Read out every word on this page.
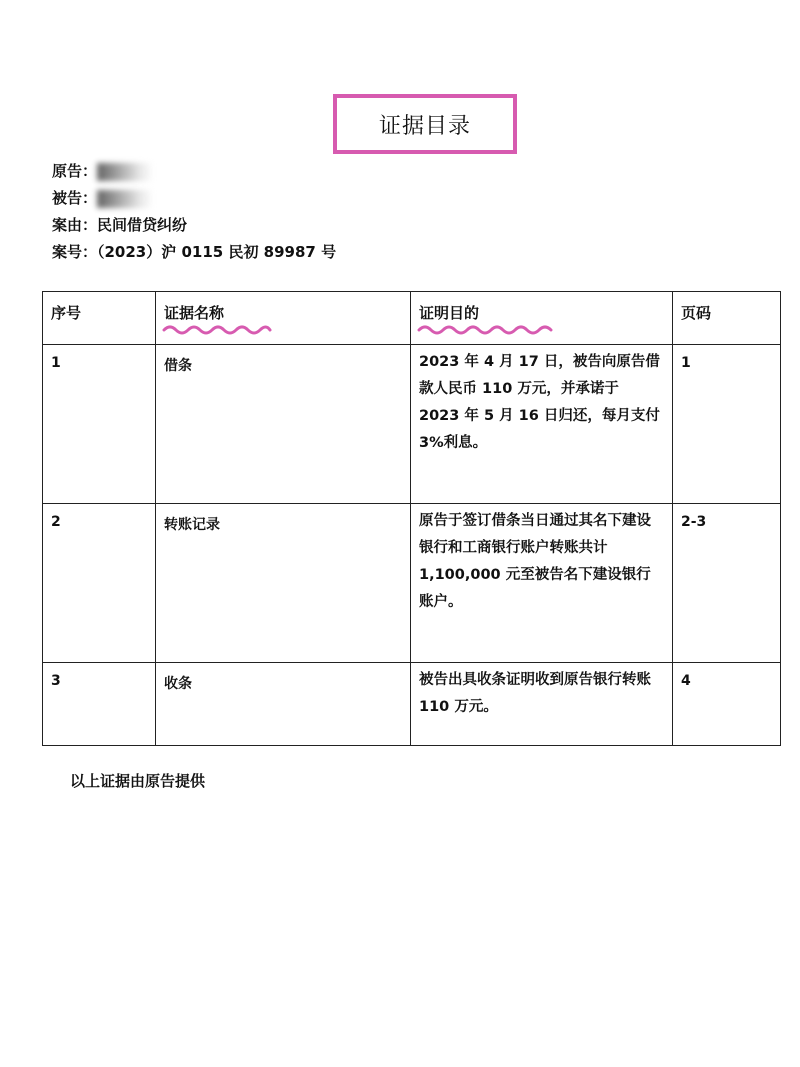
证据目录
原告：
被告：
案由：民间借贷纠纷
案号：（2023）沪 0115 民初 89987 号
序号	证据名称	证明目的	页码
1	借条	2023 年 4 月 17 日，被告向原告借款人民币 110 万元，并承诺于 2023 年 5 月 16 日归还，每月支付 3%利息。	1
2	转账记录	原告于签订借条当日通过其名下建设银行和工商银行账户转账共计 1,100,000 元至被告名下建设银行账户。	2-3
3	收条	被告出具收条证明收到原告银行转账 110 万元。	4
以上证据由原告提供
